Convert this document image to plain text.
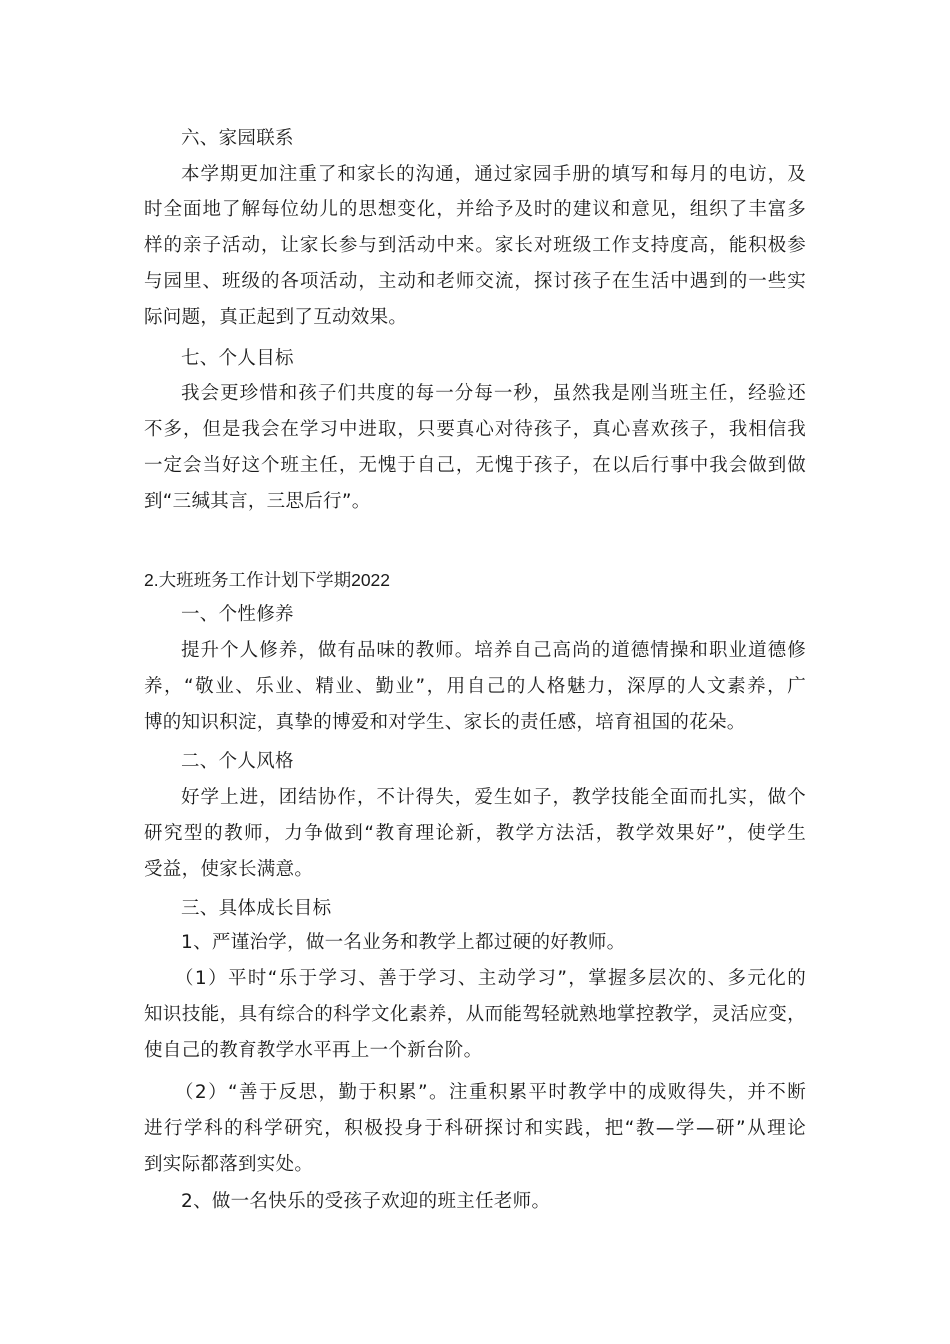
六、家园联系
本学期更加注重了和家长的沟通，通过家园手册的填写和每月的电访，及
时全面地了解每位幼儿的思想变化，并给予及时的建议和意见，组织了丰富多
样的亲子活动，让家长参与到活动中来。家长对班级工作支持度高，能积极参
与园里、班级的各项活动，主动和老师交流，探讨孩子在生活中遇到的一些实
际问题，真正起到了互动效果。
七、个人目标
我会更珍惜和孩子们共度的每一分每一秒，虽然我是刚当班主任，经验还
不多，但是我会在学习中进取，只要真心对待孩子，真心喜欢孩子，我相信我
一定会当好这个班主任，无愧于自己，无愧于孩子，在以后行事中我会做到做
到“三缄其言，三思后行”。
2.大班班务工作计划下学期2022
一、个性修养
提升个人修养，做有品味的教师。培养自己高尚的道德情操和职业道德修
养，“敬业、乐业、精业、勤业”，用自己的人格魅力，深厚的人文素养，广
博的知识积淀，真挚的博爱和对学生、家长的责任感，培育祖国的花朵。
二、个人风格
好学上进，团结协作，不计得失，爱生如子，教学技能全面而扎实，做个
研究型的教师，力争做到“教育理论新，教学方法活，教学效果好”，使学生
受益，使家长满意。
三、具体成长目标
1、严谨治学，做一名业务和教学上都过硬的好教师。
（1）平时“乐于学习、善于学习、主动学习”，掌握多层次的、多元化的
知识技能，具有综合的科学文化素养，从而能驾轻就熟地掌控教学，灵活应变，
使自己的教育教学水平再上一个新台阶。
（2）“善于反思，勤于积累”。注重积累平时教学中的成败得失，并不断
进行学科的科学研究，积极投身于科研探讨和实践，把“教—学—研”从理论
到实际都落到实处。
2、做一名快乐的受孩子欢迎的班主任老师。
